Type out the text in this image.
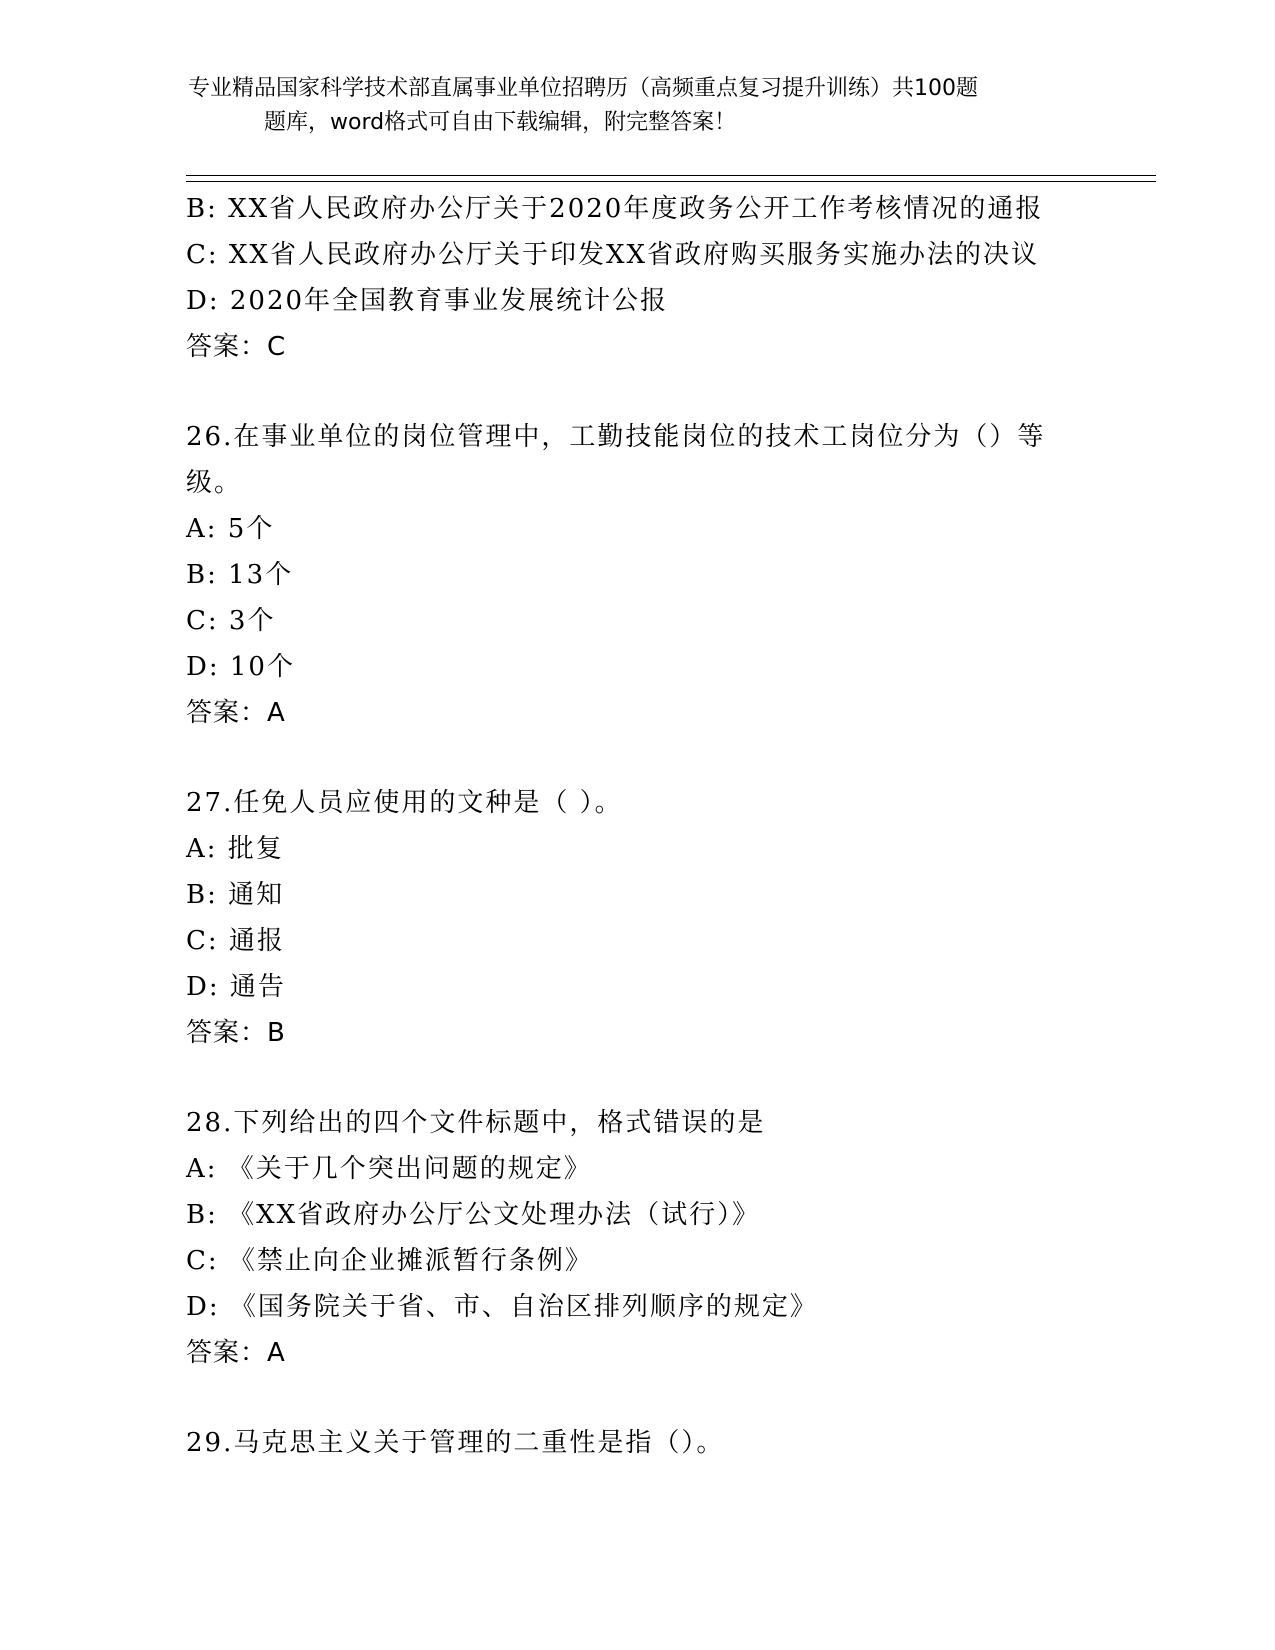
专业精品国家科学技术部直属事业单位招聘历（高频重点复习提升训练）共100题
题库，word格式可自由下载编辑，附完整答案！
B: XX省人民政府办公厅关于2020年度政务公开工作考核情况的通报
C: XX省人民政府办公厅关于印发XX省政府购买服务实施办法的决议
D: 2020年全国教育事业发展统计公报
答案：C
26.在事业单位的岗位管理中，工勤技能岗位的技术工岗位分为（）等级。
A: 5个
B: 13个
C: 3个
D: 10个
答案：A
27.任免人员应使用的文种是（ ）。
A: 批复
B: 通知
C: 通报
D: 通告
答案：B
28.下列给出的四个文件标题中，格式错误的是
A: 《关于几个突出问题的规定》
B: 《XX省政府办公厅公文处理办法（试行）》
C: 《禁止向企业摊派暂行条例》
D: 《国务院关于省、市、自治区排列顺序的规定》
答案：A
29.马克思主义关于管理的二重性是指（）。
